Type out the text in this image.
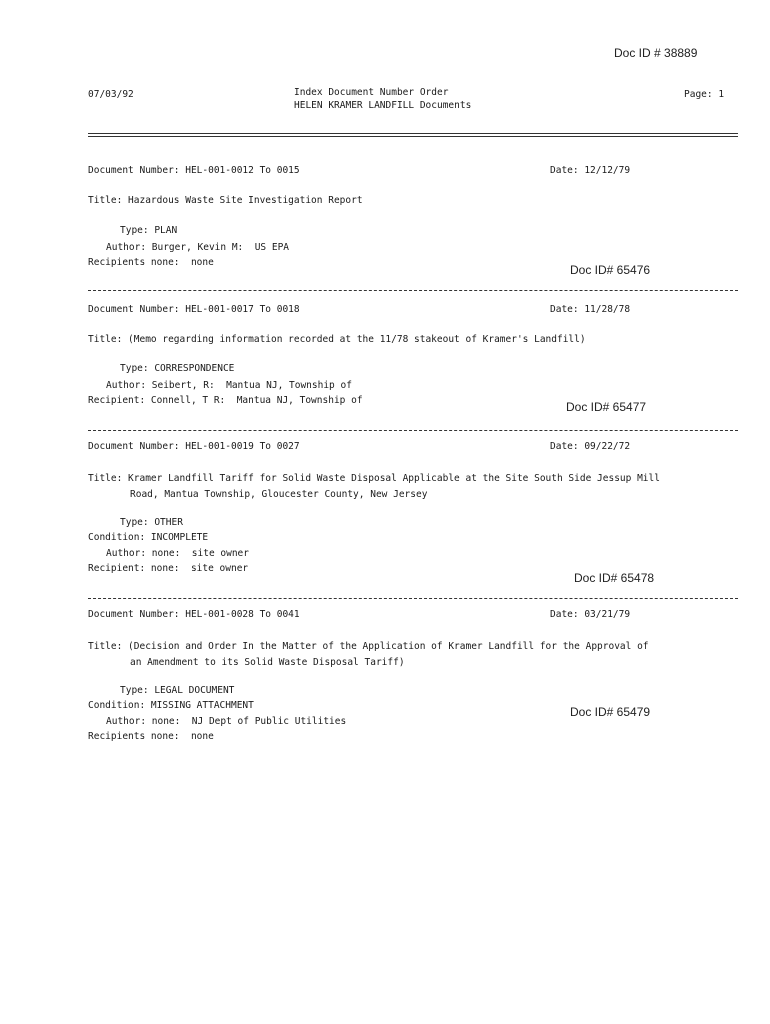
Doc ID # 38889
07/03/92	Index Document Number Order
HELEN KRAMER LANDFILL Documents
Page: 1
Document Number: HEL-001-0012 To 0015	Date: 12/12/79
Title: Hazardous Waste Site Investigation Report
Type: PLAN
Author: Burger, Kevin M:  US EPA
Recipients none:  none
Doc ID# 65476
Document Number: HEL-001-0017 To 0018	Date: 11/28/78
Title: (Memo regarding information recorded at the 11/78 stakeout of Kramer's Landfill)
Type: CORRESPONDENCE
Author: Seibert, R:  Mantua NJ, Township of
Recipient: Connell, T R:  Mantua NJ, Township of	Doc ID# 65477
Document Number: HEL-001-0019 To 0027	Date: 09/22/72
Title: Kramer Landfill Tariff for Solid Waste Disposal Applicable at the Site South Side Jessup Mill
Road, Mantua Township, Gloucester County, New Jersey
Type: OTHER
Condition: INCOMPLETE
Author: none:  site owner
Recipient: none:  site owner
Doc ID# 65478
Document Number: HEL-001-0028 To 0041	Date: 03/21/79
Title: (Decision and Order In the Matter of the Application of Kramer Landfill for the Approval of
an Amendment to its Solid Waste Disposal Tariff)
Type: LEGAL DOCUMENT
Condition: MISSING ATTACHMENT
Author: none:  NJ Dept of Public Utilities
Recipients none:  none
Doc ID# 65479
